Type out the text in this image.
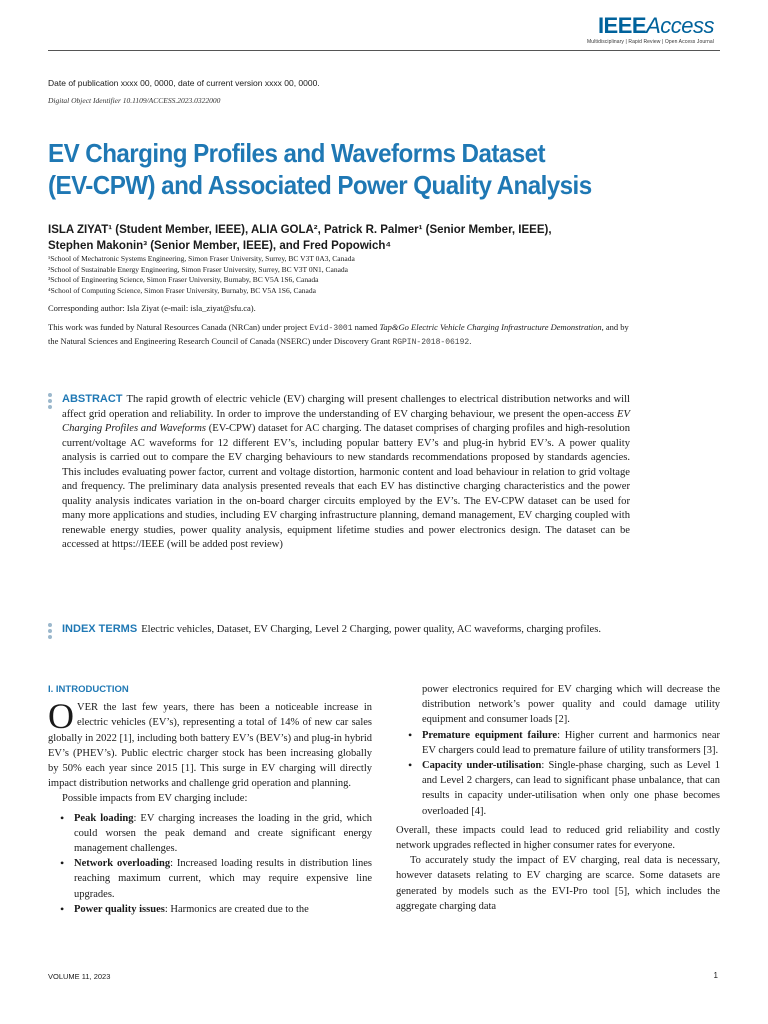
IEEEAccess
Multidisciplinary | Rapid Review | Open Access Journal
Date of publication xxxx 00, 0000, date of current version xxxx 00, 0000.
Digital Object Identifier 10.1109/ACCESS.2023.0322000
EV Charging Profiles and Waveforms Dataset
(EV-CPW) and Associated Power Quality Analysis
ISLA ZIYAT¹ (Student Member, IEEE), ALIA GOLA², Patrick R. Palmer¹ (Senior Member, IEEE),
Stephen Makonin³ (Senior Member, IEEE), and Fred Popowich⁴
¹School of Mechatronic Systems Engineering, Simon Fraser University, Surrey, BC V3T 0A3, Canada
²School of Sustainable Energy Engineering, Simon Fraser University, Surrey, BC V3T 0N1, Canada
³School of Engineering Science, Simon Fraser University, Burnaby, BC V5A 1S6, Canada
⁴School of Computing Science, Simon Fraser University, Burnaby, BC V5A 1S6, Canada
Corresponding author: Isla Ziyat (e-mail: isla_ziyat@sfu.ca).
This work was funded by Natural Resources Canada (NRCan) under project Evid-3001 named Tap&Go Electric Vehicle Charging Infrastructure Demonstration, and by the Natural Sciences and Engineering Research Council of Canada (NSERC) under Discovery Grant RGPIN-2018-06192.
ABSTRACT The rapid growth of electric vehicle (EV) charging will present challenges to electrical distribution networks and will affect grid operation and reliability. In order to improve the understanding of EV charging behaviour, we present the open-access EV Charging Profiles and Waveforms (EV-CPW) dataset for AC charging. The dataset comprises of charging profiles and high-resolution current/voltage AC waveforms for 12 different EV’s, including popular battery EV’s and plug-in hybrid EV’s. A power quality analysis is carried out to compare the EV charging behaviours to new standards recommendations proposed by standards agencies. This includes evaluating power factor, current and voltage distortion, harmonic content and load behaviour in relation to grid voltage and frequency. The preliminary data analysis presented reveals that each EV has distinctive charging characteristics and the power quality analysis indicates variation in the on-board charger circuits employed by the EV’s. The EV-CPW dataset can be used for many more applications and studies, including EV charging infrastructure planning, demand management, EV charging coupled with renewable energy studies, power quality analysis, equipment lifetime studies and power electronics design. The dataset can be accessed at https://IEEE (will be added post review)
INDEX TERMS Electric vehicles, Dataset, EV Charging, Level 2 Charging, power quality, AC waveforms, charging profiles.
I. INTRODUCTION

OVER the last few years, there has been a noticeable increase in electric vehicles (EV’s), representing a total of 14% of new car sales globally in 2022 [1], including both battery EV’s (BEV’s) and plug-in hybrid EV’s (PHEV’s). Public electric charger stock has been increasing globally by 50% each year since 2015 [1]. This surge in EV charging will directly impact distribution networks and challenge grid operation and planning.

Possible impacts from EV charging include:

• Peak loading: EV charging increases the loading in the grid, which could worsen the peak demand and create significant energy management challenges.
• Network overloading: Increased loading results in distribution lines reaching maximum current, which may require expensive line upgrades.
• Power quality issues: Harmonics are created due to the

power electronics required for EV charging which will decrease the distribution network’s power quality and could damage utility equipment and consumer loads [2].

• Premature equipment failure: Higher current and harmonics near EV chargers could lead to premature failure of utility transformers [3].
• Capacity under-utilisation: Single-phase charging, such as Level 1 and Level 2 chargers, can lead to significant phase unbalance, that can results in capacity under-utilisation when only one phase becomes overloaded [4].

Overall, these impacts could lead to reduced grid reliability and costly network upgrades reflected in higher consumer rates for everyone.

To accurately study the impact of EV charging, real data is necessary, however datasets relating to EV charging are scarce. Some datasets are generated by models such as the EVI-Pro tool [5], which includes the aggregate charging data

VOLUME 11, 2023	1
